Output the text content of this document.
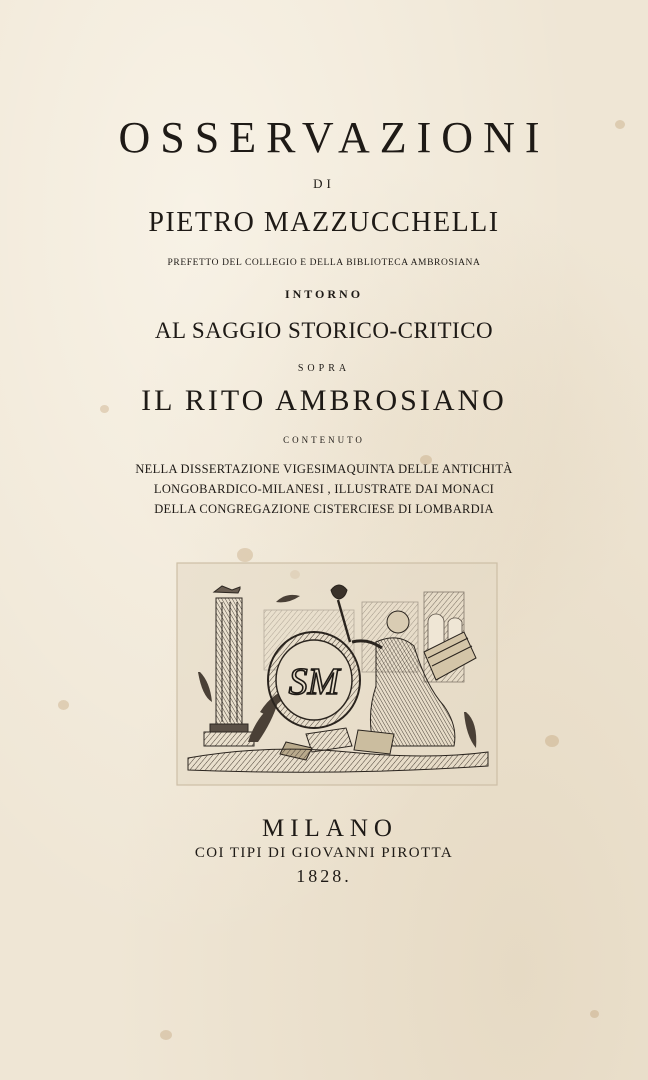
OSSERVAZIONI
DI
PIETRO MAZZUCCHELLI
PREFETTO DEL COLLEGIO E DELLA BIBLIOTECA AMBROSIANA
INTORNO
AL SAGGIO STORICO-CRITICO
SOPRA
IL RITO AMBROSIANO
CONTENUTO
NELLA DISSERTAZIONE VIGESIMAQUINTA DELLE ANTICHITÀ
LONGOBARDICO-MILANESI , ILLUSTRATE DAI MONACI
DELLA CONGREGAZIONE CISTERCIESE DI LOMBARDIA
SM
MILANO
COI TIPI DI GIOVANNI PIROTTA
1828.
